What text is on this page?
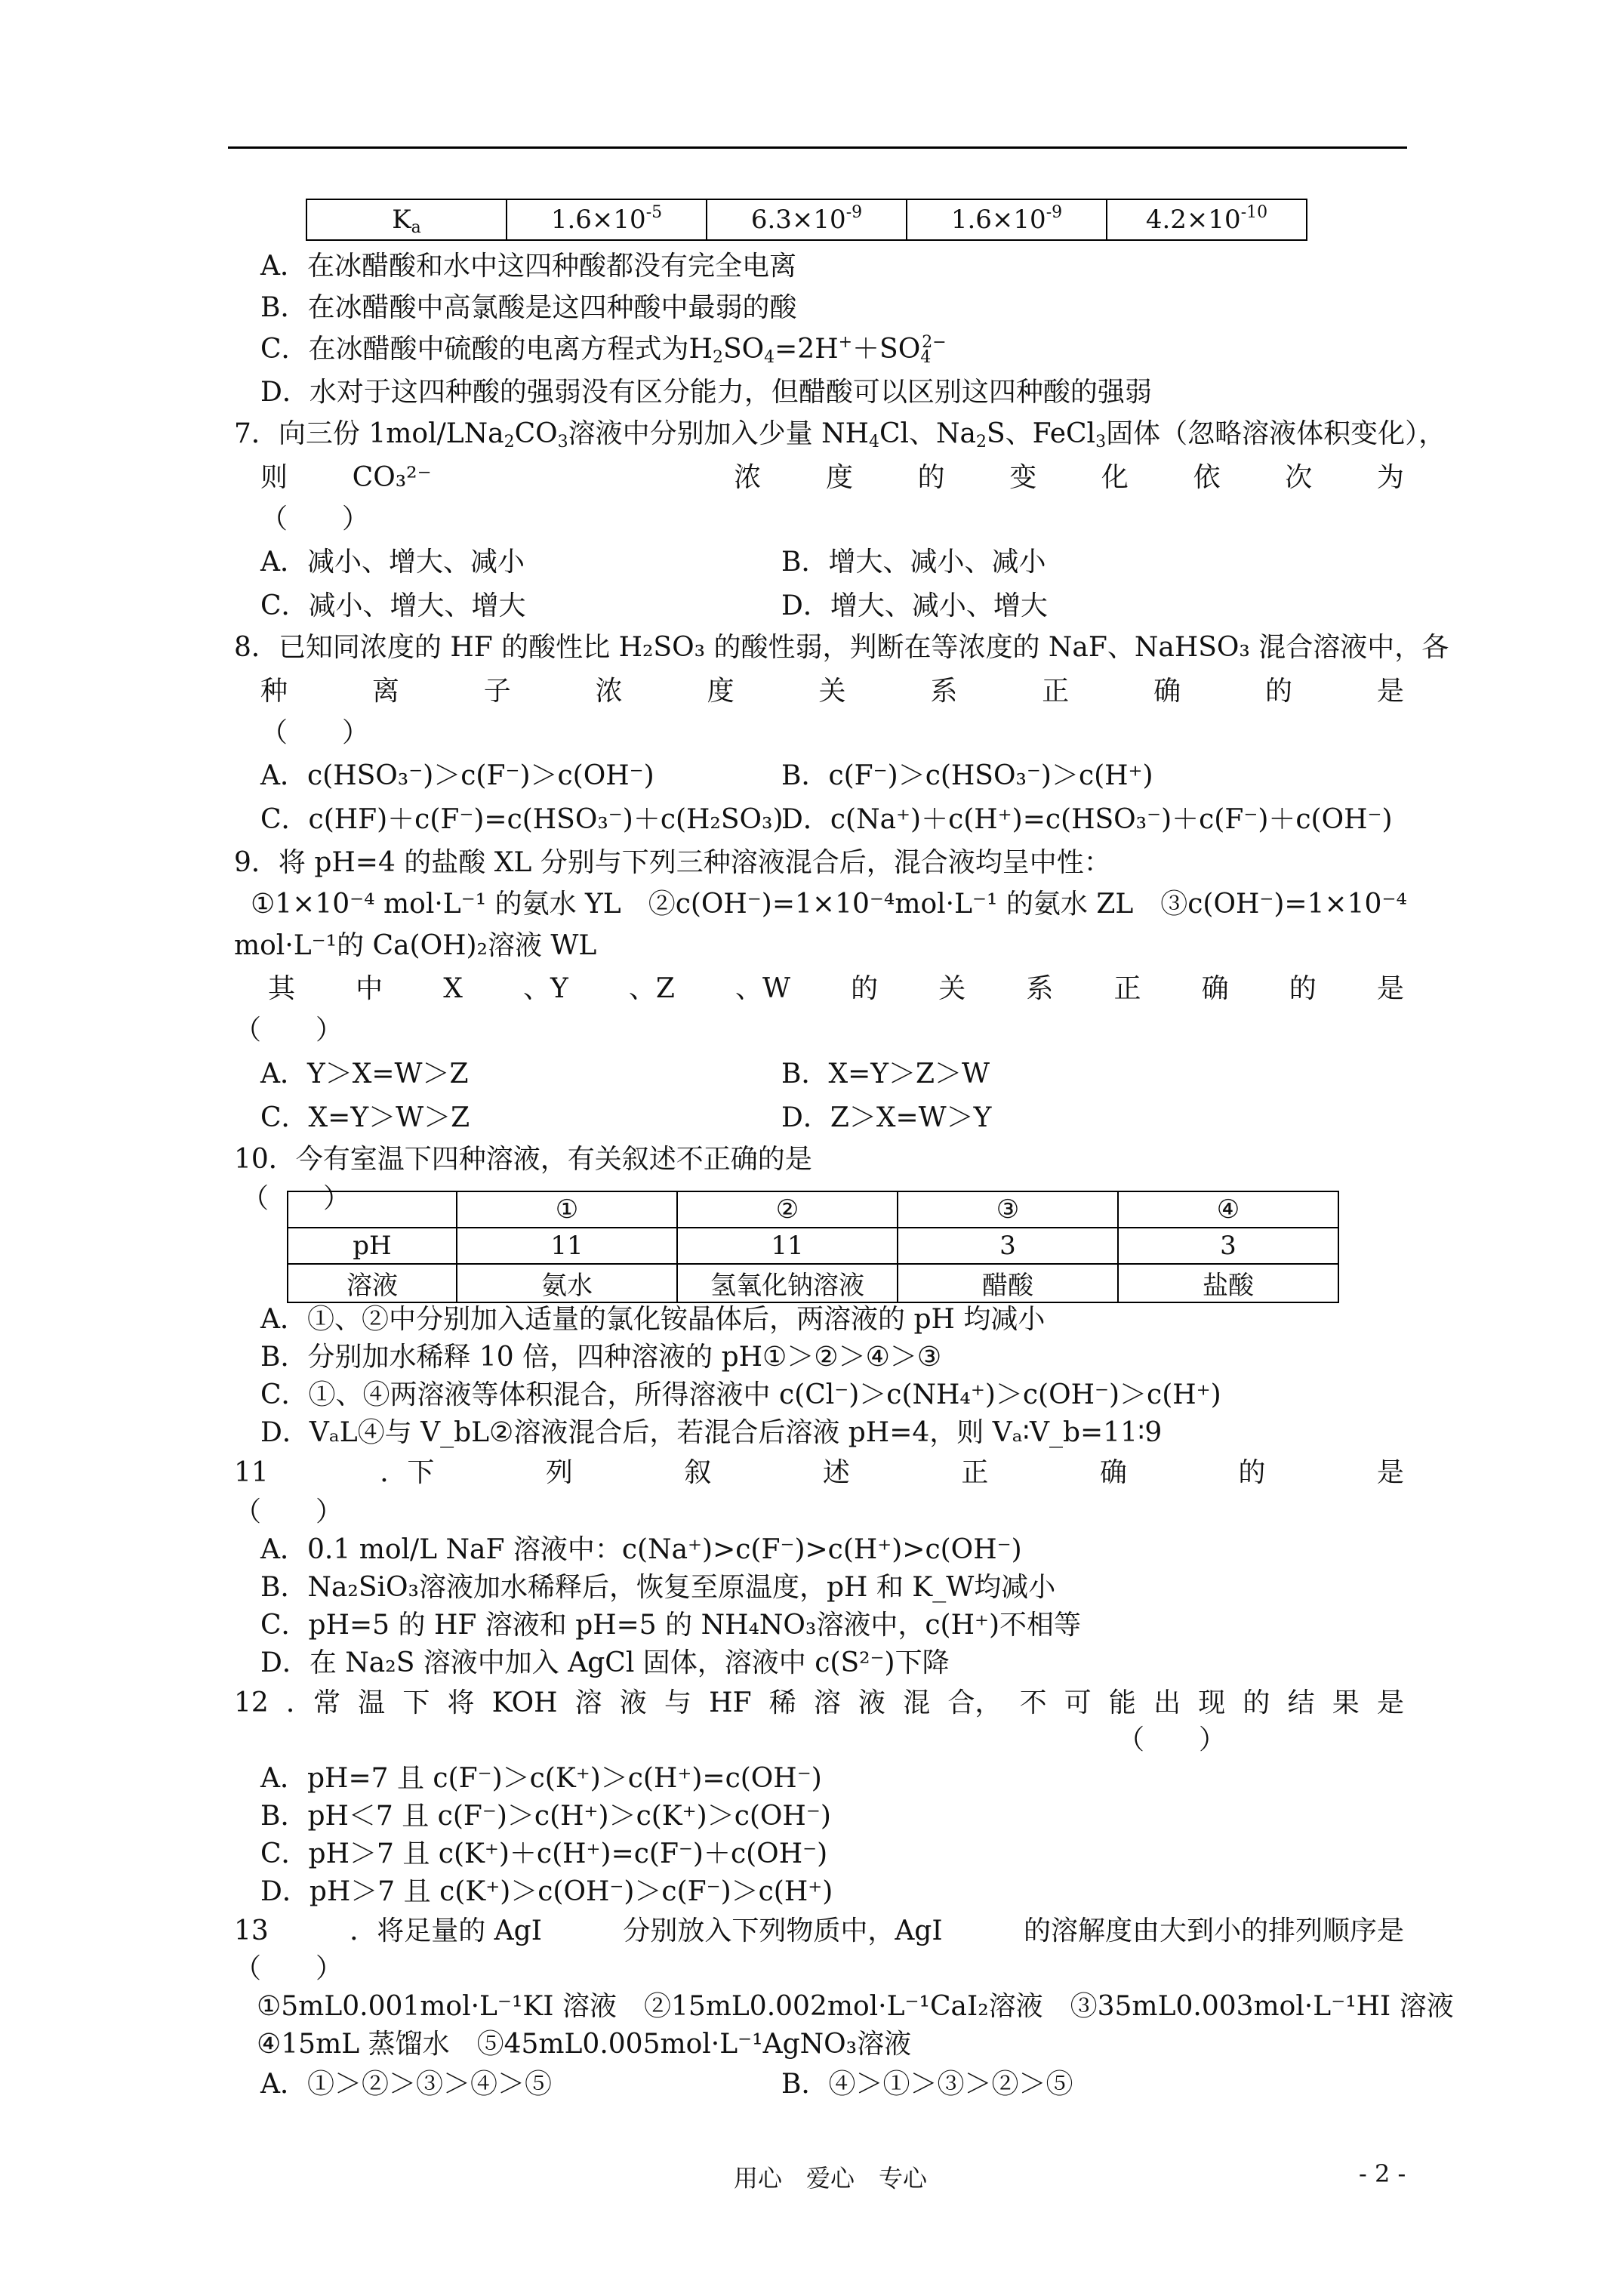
$K_a$	$1.6\times 10^{-5}$	$6.3\times 10^{-9}$	$1.6\times 10^{-9}$	$4.2\times 10^{-10}$
A．在冰醋酸和水中这四种酸都没有完全电离
B．在冰醋酸中高氯酸是这四种酸中最弱的酸
C．在冰醋酸中硫酸的电离方程式为$H_2SO_4=2H^++SO_4^{2-}$
D．水对于这四种酸的强弱没有区分能力，但醋酸可以区别这四种酸的强弱
7．向三份 $1mol/LNa_2CO_3$溶液中分别加入少量 $NH_4Cl$、$Na_2S$、FeCl$_3$固体（忽略溶液体积变化），
则 CO₃²⁻	浓 度 的 变 化 依 次 为
（　　）
A．减小、增大、减小	B．增大、减小、减小
C．减小、增大、增大	D．增大、减小、增大
8．已知同浓度的 HF 的酸性比 H₂SO₃ 的酸性弱，判断在等浓度的 NaF、NaHSO₃ 混合溶液中，各
种	离	子	浓	度	关	系	正	确	的	是
（　　）
A．c(HSO₃⁻)＞c(F⁻)＞c(OH⁻)	B．c(F⁻)＞c(HSO₃⁻)＞c(H⁺)
C．c(HF)＋c(F⁻)=c(HSO₃⁻)＋c(H₂SO₃)
D．c(Na⁺)＋c(H⁺)=c(HSO₃⁻)＋c(F⁻)＋c(OH⁻)
9．将 pH=4 的盐酸 XL 分别与下列三种溶液混合后，混合液均呈中性：
①1×10⁻⁴ mol·L⁻¹ 的氨水 YL　②c(OH⁻)=1×10⁻⁴mol·L⁻¹ 的氨水 ZL　③c(OH⁻)=1×10⁻⁴
mol·L⁻¹的 Ca(OH)₂溶液 WL
其 中 X 、Y 、Z 、W 的 关 系 正 确 的 是
（　　）
A．Y＞X=W＞Z	B．X=Y＞Z＞W
C．X=Y＞W＞Z	D．Z＞X=W＞Y
10．今有室温下四种溶液，有关叙述不正确的是
（　　）
		①	②	③	④
pH	11	11	3	3
溶液	氨水	氢氧化钠溶液	醋酸	盐酸
A．①、②中分别加入适量的氯化铵晶体后，两溶液的 pH 均减小
B．分别加水稀释 10 倍，四种溶液的 pH①＞②＞④＞③
C．①、④两溶液等体积混合，所得溶液中 c(Cl⁻)＞c(NH₄⁺)＞c(OH⁻)＞c(H⁺)
D．VₐL④与 V_bL②溶液混合后，若混合后溶液 pH=4，则 Vₐ∶V_b=11∶9
11	．下	列	叙	述	正	确	的	是
（　　）
A．0.1 mol/L NaF 溶液中：c(Na⁺)>c(F⁻)>c(H⁺)>c(OH⁻)
B．Na₂SiO₃溶液加水稀释后，恢复至原温度，pH 和 K_W均减小
C．pH=5 的 HF 溶液和 pH=5 的 NH₄NO₃溶液中，c(H⁺)不相等
D．在 Na₂S 溶液中加入 AgCl 固体，溶液中 c(S²⁻)下降
12 ．常 温 下 将 KOH 溶 液 与 HF 稀 溶 液 混 合， 不 可 能 出 现 的 结 果 是
（　　）
A．pH=7 且 c(F⁻)＞c(K⁺)＞c(H⁺)=c(OH⁻)
B．pH＜7 且 c(F⁻)＞c(H⁺)＞c(K⁺)＞c(OH⁻)
C．pH＞7 且 c(K⁺)＋c(H⁺)=c(F⁻)＋c(OH⁻)
D．pH＞7 且 c(K⁺)＞c(OH⁻)＞c(F⁻)＞c(H⁺)
13	．将足量的 AgI	分别放入下列物质中，AgI	的溶解度由大到小的排列顺序是
（　　）
①5mL0.001mol·L⁻¹KI 溶液　②15mL0.002mol·L⁻¹CaI₂溶液　③35mL0.003mol·L⁻¹HI 溶液
④15mL 蒸馏水　⑤45mL0.005mol·L⁻¹AgNO₃溶液
A．①＞②＞③＞④＞⑤	B．④＞①＞③＞②＞⑤
用心　爱心　专心	- 2 -
